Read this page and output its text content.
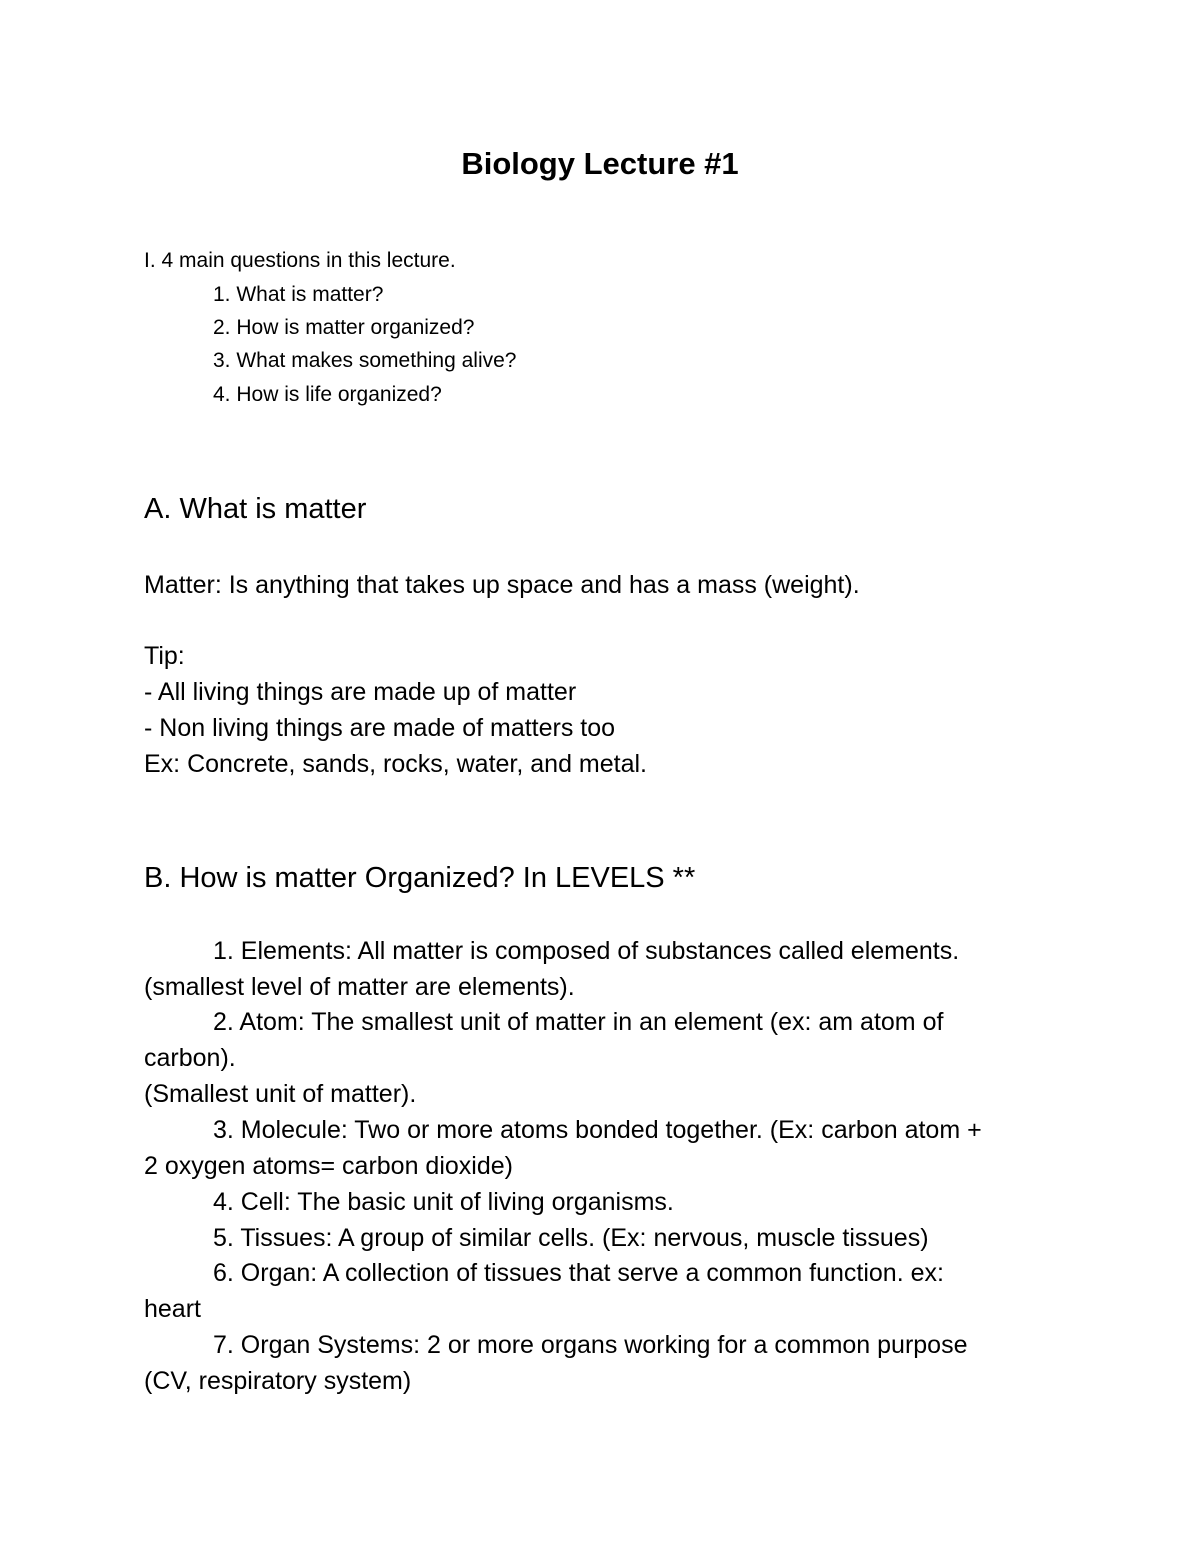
Biology Lecture #1
I. 4 main questions in this lecture.
1. What is matter?
2. How is matter organized?
3. What makes something alive?
4. How is life organized?
A. What is matter
Matter: Is anything that takes up space and has a mass (weight).
Tip:
- All living things are made up of matter
- Non living things are made of matters too
Ex: Concrete, sands, rocks, water, and metal.
B. How is matter Organized? In LEVELS **
1. Elements: All matter is composed of substances called elements.
(smallest level of matter are elements).
2. Atom: The smallest unit of matter in an element (ex: am atom of
carbon).
(Smallest unit of matter).
3. Molecule: Two or more atoms bonded together. (Ex: carbon atom +
2 oxygen atoms= carbon dioxide)
4. Cell: The basic unit of living organisms.
5. Tissues: A group of similar cells. (Ex: nervous, muscle tissues)
6. Organ: A collection of tissues that serve a common function. ex:
heart
7. Organ Systems: 2 or more organs working for a common purpose
(CV, respiratory system)
